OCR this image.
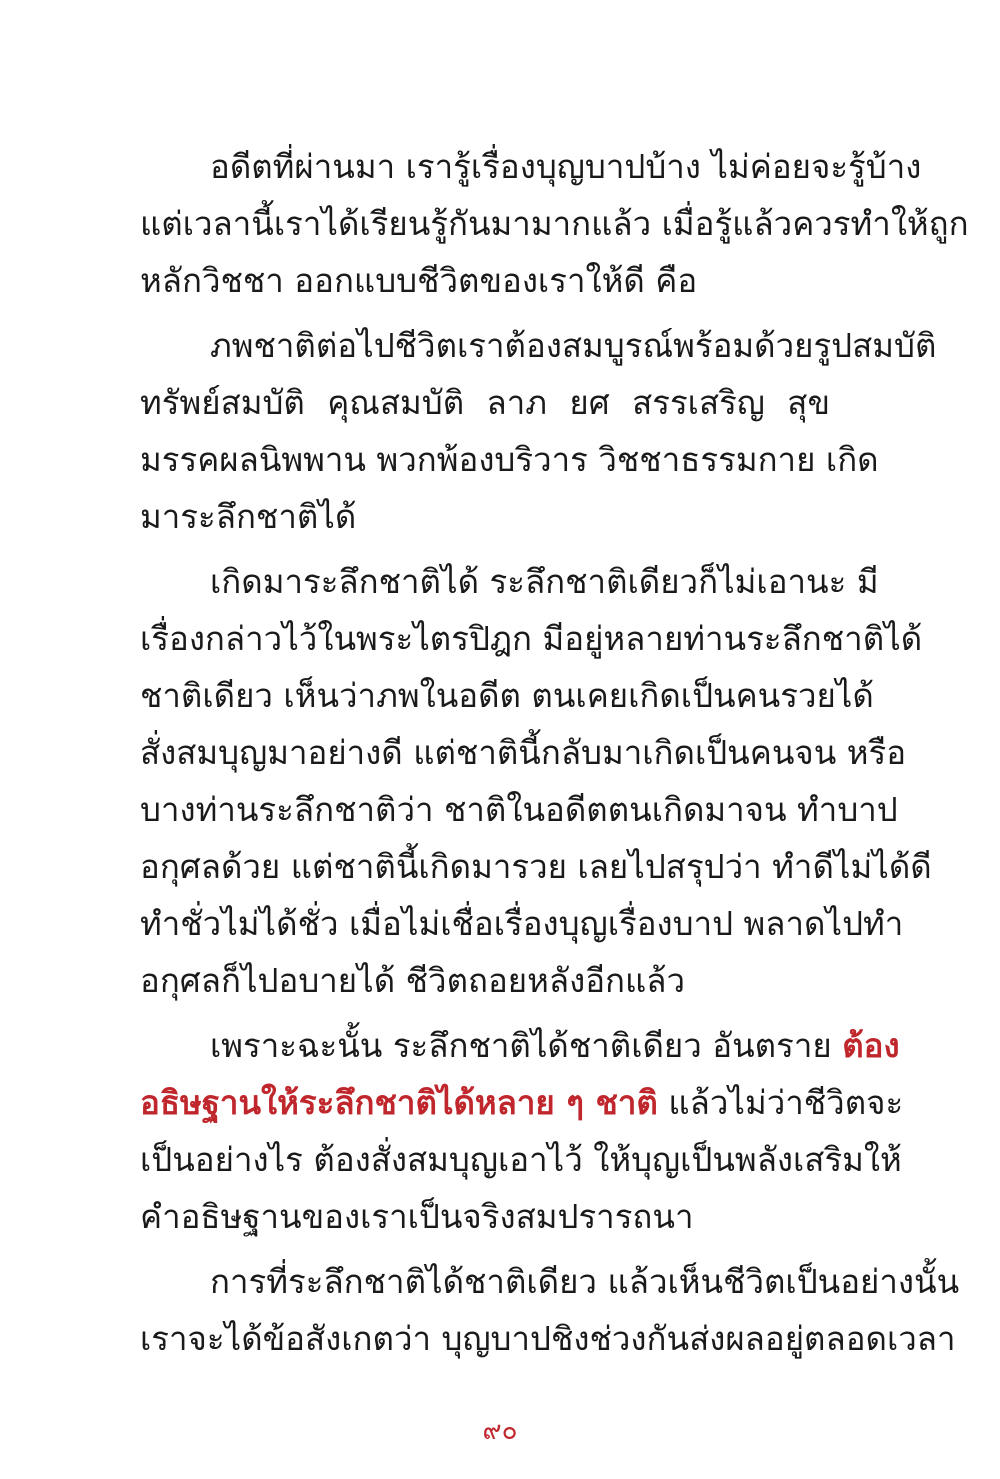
อดีตที่ผ่านมา เรารู้เรื่องบุญบาปบ้าง ไม่ค่อยจะรู้บ้าง
แต่เวลานี้เราได้เรียนรู้กันมามากแล้ว เมื่อรู้แล้วควรทำให้ถูก
หลักวิชชา ออกแบบชีวิตของเราให้ดี คือ
ภพชาติต่อไปชีวิตเราต้องสมบูรณ์พร้อมด้วยรูปสมบัติ
ทรัพย์สมบัติ คุณสมบัติ ลาภ ยศ สรรเสริญ สุข
มรรคผลนิพพาน พวกพ้องบริวาร วิชชาธรรมกาย เกิด
มาระลึกชาติได้
เกิดมาระลึกชาติได้ ระลึกชาติเดียวก็ไม่เอานะ มี
เรื่องกล่าวไว้ในพระไตรปิฎก มีอยู่หลายท่านระลึกชาติได้
ชาติเดียว เห็นว่าภพในอดีต ตนเคยเกิดเป็นคนรวยได้
สั่งสมบุญมาอย่างดี แต่ชาตินี้กลับมาเกิดเป็นคนจน หรือ
บางท่านระลึกชาติว่า ชาติในอดีตตนเกิดมาจน ทำบาป
อกุศลด้วย แต่ชาตินี้เกิดมารวย เลยไปสรุปว่า ทำดีไม่ได้ดี
ทำชั่วไม่ได้ชั่ว เมื่อไม่เชื่อเรื่องบุญเรื่องบาป พลาดไปทำ
อกุศลก็ไปอบายได้ ชีวิตถอยหลังอีกแล้ว
เพราะฉะนั้น ระลึกชาติได้ชาติเดียว อันตราย ต้อง
อธิษฐานให้ระลึกชาติได้หลาย ๆ ชาติ แล้วไม่ว่าชีวิตจะ
เป็นอย่างไร ต้องสั่งสมบุญเอาไว้ ให้บุญเป็นพลังเสริมให้
คำอธิษฐานของเราเป็นจริงสมปรารถนา
การที่ระลึกชาติได้ชาติเดียว แล้วเห็นชีวิตเป็นอย่างนั้น
เราจะได้ข้อสังเกตว่า บุญบาปชิงช่วงกันส่งผลอยู่ตลอดเวลา
๙๐
